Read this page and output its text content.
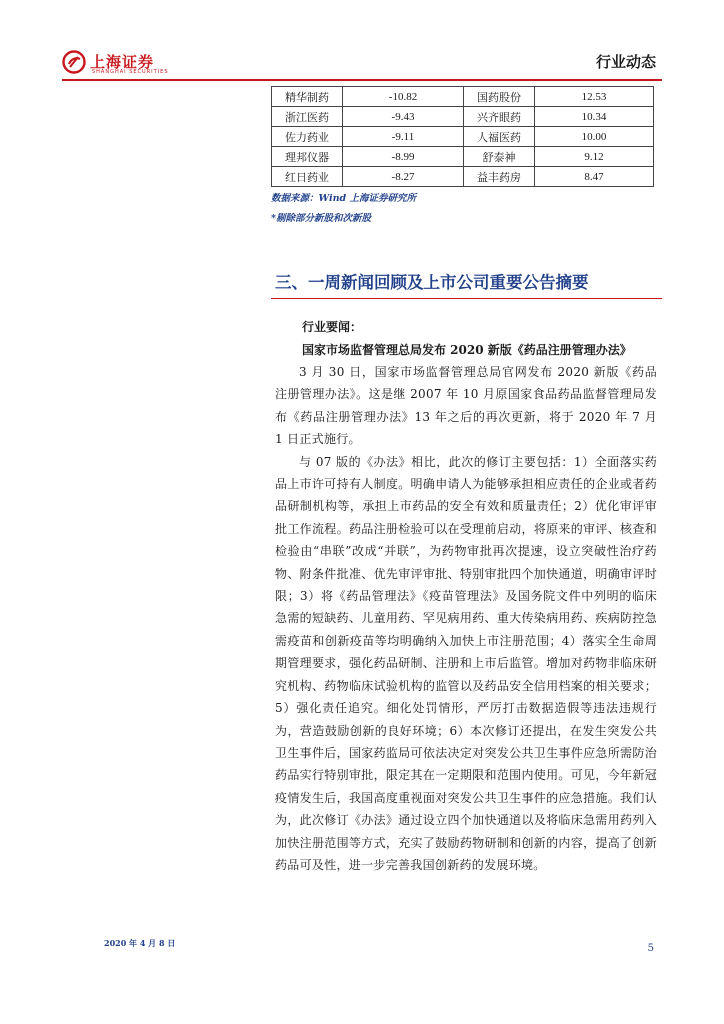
上海证券
SHANGHAI SECURITIES
行业动态
精华制药	-10.82	国药股份	12.53
浙江医药	-9.43	兴齐眼药	10.34
佐力药业	-9.11	人福医药	10.00
理邦仪器	-8.99	舒泰神	9.12
红日药业	-8.27	益丰药房	8.47
数据来源：Wind 上海证券研究所
*剔除部分新股和次新股
三、一周新闻回顾及上市公司重要公告摘要
行业要闻：
国家市场监督管理总局发布 2020 新版《药品注册管理办法》

3 月 30 日，国家市场监督管理总局官网发布 2020 新版《药品注册管理办法》。这是继 2007 年 10 月原国家食品药品监督管理局发布《药品注册管理办法》13 年之后的再次更新，将于 2020 年 7 月 1 日正式施行。

与 07 版的《办法》相比，此次的修订主要包括：1）全面落实药品上市许可持有人制度。明确申请人为能够承担相应责任的企业或者药品研制机构等，承担上市药品的安全有效和质量责任；2）优化审评审批工作流程。药品注册检验可以在受理前启动，将原来的审评、核查和检验由“串联”改成“并联”，为药物审批再次提速，设立突破性治疗药物、附条件批准、优先审评审批、特别审批四个加快通道，明确审评时限；3）将《药品管理法》《疫苗管理法》及国务院文件中列明的临床急需的短缺药、儿童用药、罕见病用药、重大传染病用药、疾病防控急需疫苗和创新疫苗等均明确纳入加快上市注册范围；4）落实全生命周期管理要求，强化药品研制、注册和上市后监管。增加对药物非临床研究机构、药物临床试验机构的监管以及药品安全信用档案的相关要求；5）强化责任追究。细化处罚情形，严厉打击数据造假等违法违规行为，营造鼓励创新的良好环境；6）本次修订还提出，在发生突发公共卫生事件后，国家药监局可依法决定对突发公共卫生事件应急所需防治药品实行特别审批，限定其在一定期限和范围内使用。可见，今年新冠疫情发生后，我国高度重视面对突发公共卫生事件的应急措施。我们认为，此次修订《办法》通过设立四个加快通道以及将临床急需用药列入加快注册范围等方式，充实了鼓励药物研制和创新的内容，提高了创新药品可及性，进一步完善我国创新药的发展环境。

2020 年 4 月 8 日	5
